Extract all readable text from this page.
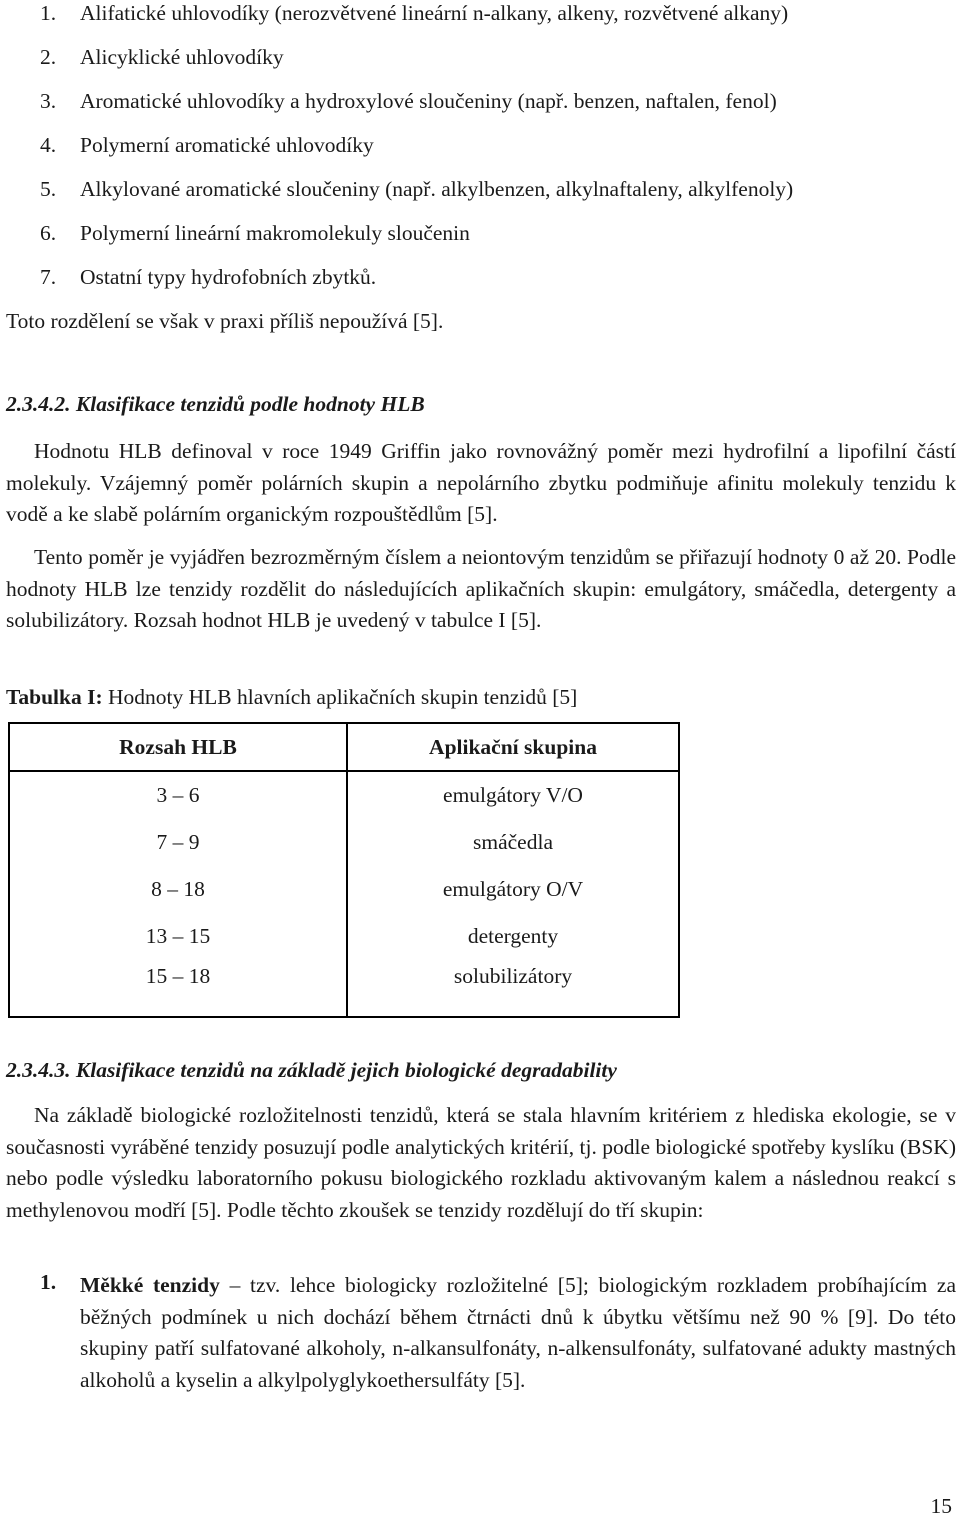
1. Alifatické uhlovodíky (nerozvětvené lineární n-alkany, alkeny, rozvětvené alkany)
2. Alicyklické uhlovodíky
3. Aromatické uhlovodíky a hydroxylové sloučeniny (např. benzen, naftalen, fenol)
4. Polymerní aromatické uhlovodíky
5. Alkylované aromatické sloučeniny (např. alkylbenzen, alkylnaftaleny, alkylfenoly)
6. Polymerní lineární makromolekuly sloučenin
7. Ostatní typy hydrofobních zbytků.
Toto rozdělení se však v praxi příliš nepoužívá [5].
2.3.4.2. Klasifikace tenzidů podle hodnoty HLB
Hodnotu HLB definoval v roce 1949 Griffin jako rovnovážný poměr mezi hydrofilní a lipofilní částí molekuly. Vzájemný poměr polárních skupin a nepolárního zbytku podmiňuje afinitu molekuly tenzidu k vodě a ke slabě polárním organickým rozpouštědlům [5].
Tento poměr je vyjádřen bezrozměrným číslem a neiontovým tenzidům se přiřazují hodnoty 0 až 20. Podle hodnoty HLB lze tenzidy rozdělit do následujících aplikačních skupin: emulgátory, smáčedla, detergenty a solubilizátory. Rozsah hodnot HLB je uvedený v tabulce I [5].
Tabulka I: Hodnoty HLB hlavních aplikačních skupin tenzidů [5]
Rozsah HLB	Aplikační skupina
3 – 6	emulgátory V/O
7 – 9	smáčedla
8 – 18	emulgátory O/V
13 – 15	detergenty
15 – 18	solubilizátory
2.3.4.3. Klasifikace tenzidů na základě jejich biologické degradability
Na základě biologické rozložitelnosti tenzidů, která se stala hlavním kritériem z hlediska ekologie, se v současnosti vyráběné tenzidy posuzují podle analytických kritérií, tj. podle biologické spotřeby kyslíku (BSK) nebo podle výsledku laboratorního pokusu biologického rozkladu aktivovaným kalem a následnou reakcí s methylenovou modří [5]. Podle těchto zkoušek se tenzidy rozdělují do tří skupin:
1. Měkké tenzidy – tzv. lehce biologicky rozložitelné [5]; biologickým rozkladem probíhajícím za běžných podmínek u nich dochází během čtrnácti dnů k úbytku většímu než 90 % [9]. Do této skupiny patří sulfatované alkoholy, n-alkansulfonáty, n-alkensulfonáty, sulfatované adukty mastných alkoholů a kyselin a alkylpolyglykoethersulfáty [5].
15
